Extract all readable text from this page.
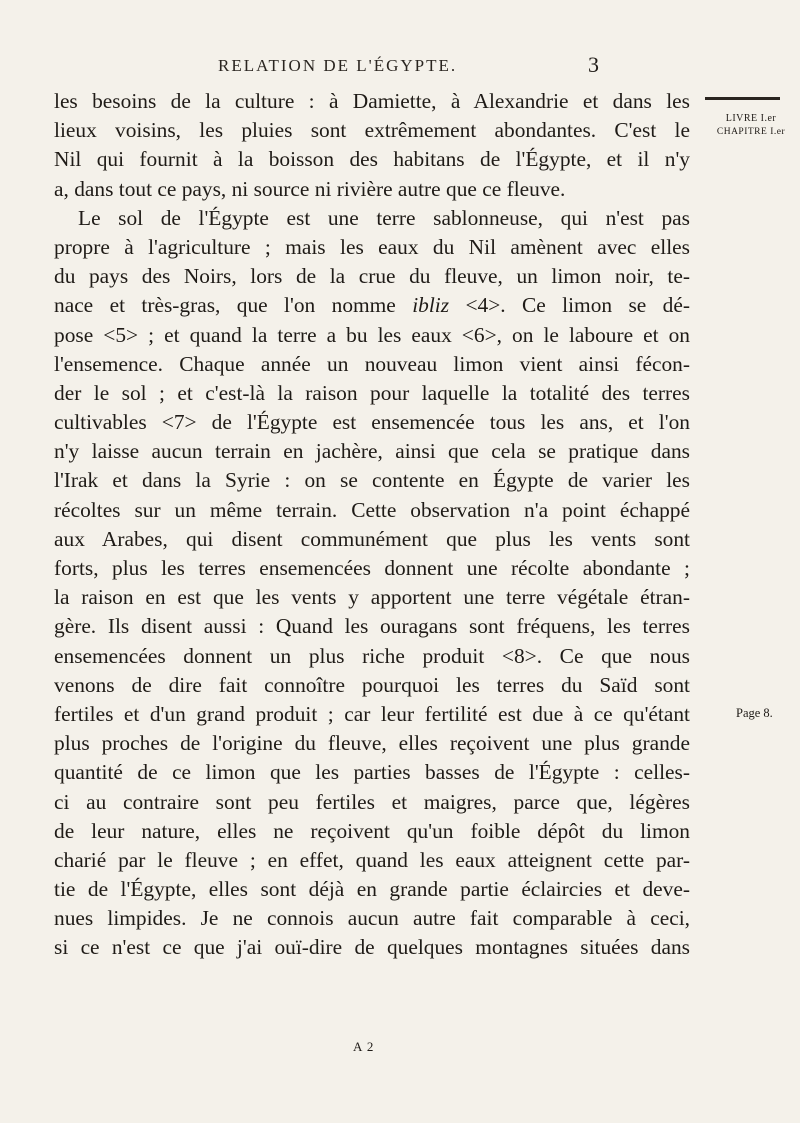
RELATION DE L'ÉGYPTE.	3
LIVRE I.er
CHAPITRE I.er
Page 8.
les besoins de la culture : à Damiette, à Alexandrie et dans les
lieux voisins, les pluies sont extrêmement abondantes. C'est le
Nil qui fournit à la boisson des habitans de l'Égypte, et il n'y
a, dans tout ce pays, ni source ni rivière autre que ce fleuve.
Le sol de l'Égypte est une terre sablonneuse, qui n'est pas
propre à l'agriculture ; mais les eaux du Nil amènent avec elles
du pays des Noirs, lors de la crue du fleuve, un limon noir, te-
nace et très-gras, que l'on nomme ibliz <4>. Ce limon se dé-
pose <5> ; et quand la terre a bu les eaux <6>, on le laboure et on
l'ensemence. Chaque année un nouveau limon vient ainsi fécon-
der le sol ; et c'est-là la raison pour laquelle la totalité des terres
cultivables <7> de l'Égypte est ensemencée tous les ans, et l'on
n'y laisse aucun terrain en jachère, ainsi que cela se pratique dans
l'Irak et dans la Syrie : on se contente en Égypte de varier les
récoltes sur un même terrain. Cette observation n'a point échappé
aux Arabes, qui disent communément que plus les vents sont
forts, plus les terres ensemencées donnent une récolte abondante ;
la raison en est que les vents y apportent une terre végétale étran-
gère. Ils disent aussi : Quand les ouragans sont fréquens, les terres
ensemencées donnent un plus riche produit <8>. Ce que nous
venons de dire fait connoître pourquoi les terres du Saïd sont
fertiles et d'un grand produit ; car leur fertilité est due à ce qu'étant
plus proches de l'origine du fleuve, elles reçoivent une plus grande
quantité de ce limon que les parties basses de l'Égypte : celles-
ci au contraire sont peu fertiles et maigres, parce que, légères
de leur nature, elles ne reçoivent qu'un foible dépôt du limon
charié par le fleuve ; en effet, quand les eaux atteignent cette par-
tie de l'Égypte, elles sont déjà en grande partie éclaircies et deve-
nues limpides. Je ne connois aucun autre fait comparable à ceci,
si ce n'est ce que j'ai ouï-dire de quelques montagnes situées dans
A 2
